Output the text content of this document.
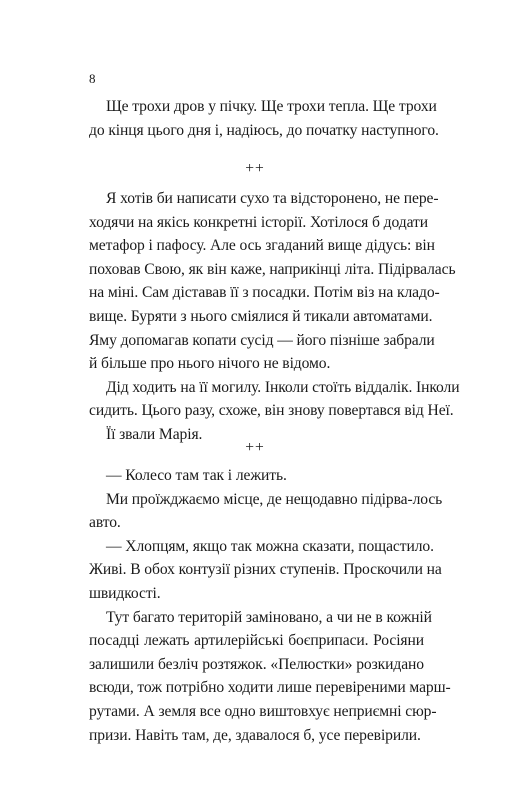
8
Ще трохи дров у пічку. Ще трохи тепла. Ще трохи
до кінця цього дня і, надіюсь, до початку наступного.
++
Я хотів би написати сухо та відсторонено, не пере-
ходячи на якісь конкретні історії. Хотілося б додати
метафор і пафосу. Але ось згаданий вище дідусь: він
поховав Свою, як він каже, наприкінці літа. Підірвалась
на міні. Сам діставав її з посадки. Потім віз на кладо-
вище. Буряти з нього сміялися й тикали автоматами.
Яму допомагав копати сусід — його пізніше забрали
й більше про нього нічого не відомо.
Дід ходить на її могилу. Інколи стоїть віддалік. Інколи
сидить. Цього разу, схоже, він знову повертався від Неї.
Її звали Марія.
++
— Колесо там так і лежить.
Ми проїжджаємо місце, де нещодавно підірва-лось
авто.
— Хлопцям, якщо так можна сказати, пощастило.
Живі. В обох контузії різних ступенів. Проскочили на
швидкості.
Тут багато територій заміновано, а чи не в кожній
посадці лежать артилерійські боєприпаси. Росіяни
залишили безліч розтяжок. «Пелюстки» розкидано
всюди, тож потрібно ходити лише перевіреними марш-
рутами. А земля все одно виштовхує неприємні сюр-
призи. Навіть там, де, здавалося б, усе перевірили.
